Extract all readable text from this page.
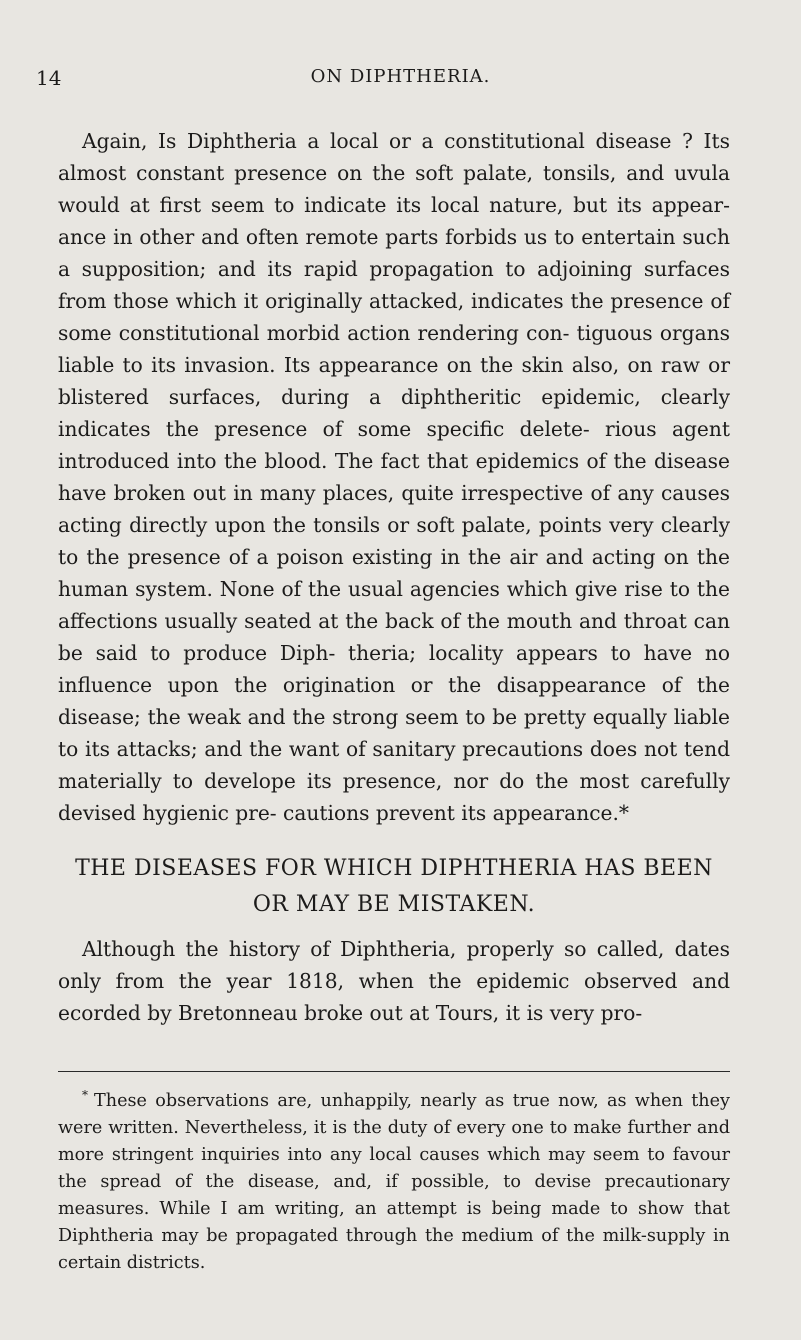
14	ON DIPHTHERIA.

Again, Is Diphtheria a local or a constitutional disease ? Its almost constant presence on the soft palate, tonsils, and uvula would at first seem to indicate its local nature, but its appear- ance in other and often remote parts forbids us to entertain such a supposition; and its rapid propagation to adjoining surfaces from those which it originally attacked, indicates the presence of some constitutional morbid action rendering con- tiguous organs liable to its invasion. Its appearance on the skin also, on raw or blistered surfaces, during a diphtheritic epidemic, clearly indicates the presence of some specific delete- rious agent introduced into the blood. The fact that epidemics of the disease have broken out in many places, quite irrespective of any causes acting directly upon the tonsils or soft palate, points very clearly to the presence of a poison existing in the air and acting on the human system. None of the usual agencies which give rise to the affections usually seated at the back of the mouth and throat can be said to produce Diph- theria; locality appears to have no influence upon the origination or the disappearance of the disease; the weak and the strong seem to be pretty equally liable to its attacks; and the want of sanitary precautions does not tend materially to develope its presence, nor do the most carefully devised hygienic pre- cautions prevent its appearance.*

THE DISEASES FOR WHICH DIPHTHERIA HAS BEEN OR MAY BE MISTAKEN.

Although the history of Diphtheria, properly so called, dates only from the year 1818, when the epidemic observed and ecorded by Bretonneau broke out at Tours, it is very pro-

* These observations are, unhappily, nearly as true now, as when they were written. Nevertheless, it is the duty of every one to make further and more stringent inquiries into any local causes which may seem to favour the spread of the disease, and, if possible, to devise precautionary measures. While I am writing, an attempt is being made to show that Diphtheria may be propagated through the medium of the milk-supply in certain districts.
